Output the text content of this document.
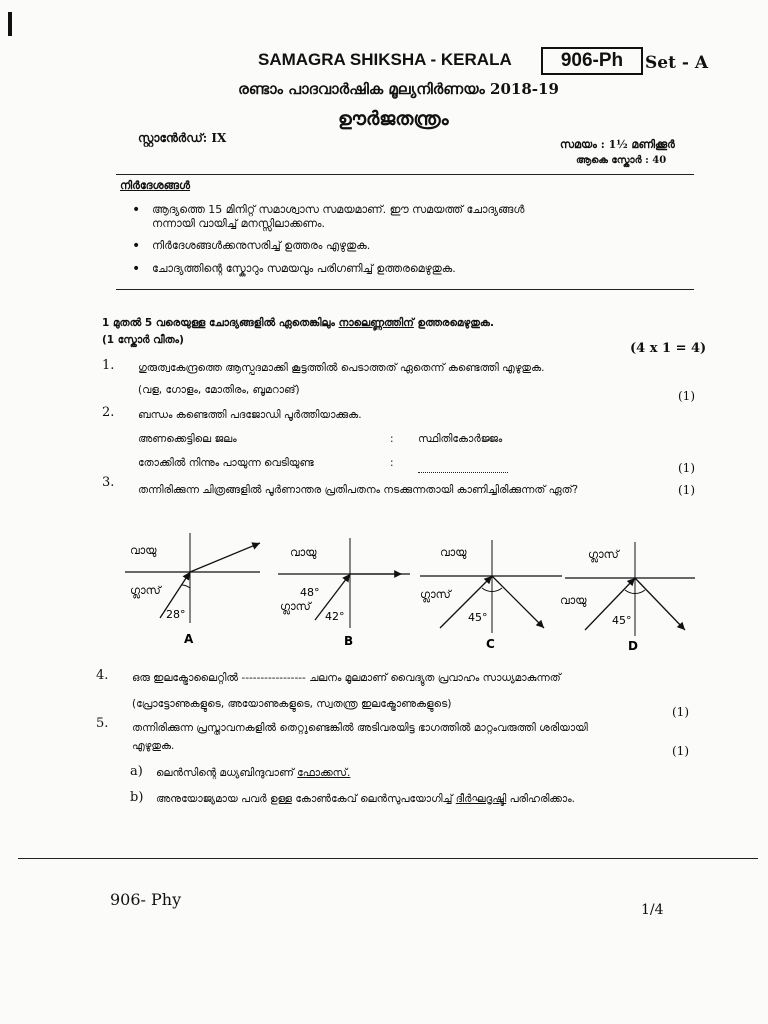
SAMAGRA SHIKSHA - KERALA	906-Ph	Set - A
രണ്ടാം പാദവാർഷിക മൂല്യനിർണയം 2018-19
ഊർജതന്ത്രം
സ്റ്റാൻേർഡ്: IX	സമയം : 1½ മണിക്കൂർ
ആകെ സ്കോർ : 40
നിർദേശങ്ങൾ
• ആദ്യത്തെ 15 മിനിറ്റ് സമാശ്വാസ സമയമാണ്. ഈ സമയത്ത് ചോദ്യങ്ങൾ
നന്നായി വായിച്ച് മനസ്സിലാക്കണം.
• നിർദേശങ്ങൾക്കനുസരിച്ച് ഉത്തരം എഴുതുക.
• ചോദ്യത്തിന്റെ സ്കോറും സമയവും പരിഗണിച്ച് ഉത്തരമെഴുതുക.
1 മുതൽ 5 വരെയുള്ള ചോദ്യങ്ങളിൽ ഏതെങ്കിലും നാലെണ്ണത്തിന് ഉത്തരമെഴുതുക.
(1 സ്കോർ വീതം)
(4 x 1 = 4)
1. ഗുരുത്വകേന്ദ്രത്തെ ആസ്പദമാക്കി കൂട്ടത്തിൽ പെടാത്തത് ഏതെന്ന് കണ്ടെത്തി എഴുതുക.
(വള, ഗോളം, മോതിരം, ബൂമറാങ്)	(1)
2. ബന്ധം കണ്ടെത്തി പദജോഡി പൂർത്തിയാക്കുക.
അണക്കെട്ടിലെ ജലം	: സ്ഥിതികോർജ്ജം
തോക്കിൽ നിന്നും പായുന്ന വെടിയുണ്ട	:	(1)
3. തന്നിരിക്കുന്ന ചിത്രങ്ങളിൽ പൂർണാന്തര പ്രതിപതനം നടക്കുന്നതായി കാണിച്ചിരിക്കുന്നത് ഏത്?	(1)
വായു
ഗ്ലാസ്
28°
A
വായു
48°
ഗ്ലാസ്
42°
B
വായു
ഗ്ലാസ്
45°
C
ഗ്ലാസ്
വായു
45°
D
4. ഒരു ഇലക്ട്രോലൈറ്റിൽ ----------------- ചലനം മൂലമാണ് വൈദ്യുത പ്രവാഹം സാധ്യമാകുന്നത്
(പ്രോട്ടോണുകളുടെ, അയോണുകളുടെ, സ്വതന്ത്ര ഇലക്ട്രോണുകളുടെ)
(1)
5. തന്നിരിക്കുന്ന പ്രസ്താവനകളിൽ തെറ്റുണ്ടെങ്കിൽ അടിവരയിട്ട ഭാഗത്തിൽ മാറ്റംവരുത്തി ശരിയായി
എഴുതുക.	(1)
a) ലെൻസിന്റെ മധ്യബിന്ദുവാണ് ഫോക്കസ്.
b) അനുയോജ്യമായ പവർ ഉള്ള കോൺകേവ് ലെൻസുപയോഗിച്ച് ദീർഘദൃഷ്ടി പരിഹരിക്കാം.
906- Phy
1/4
